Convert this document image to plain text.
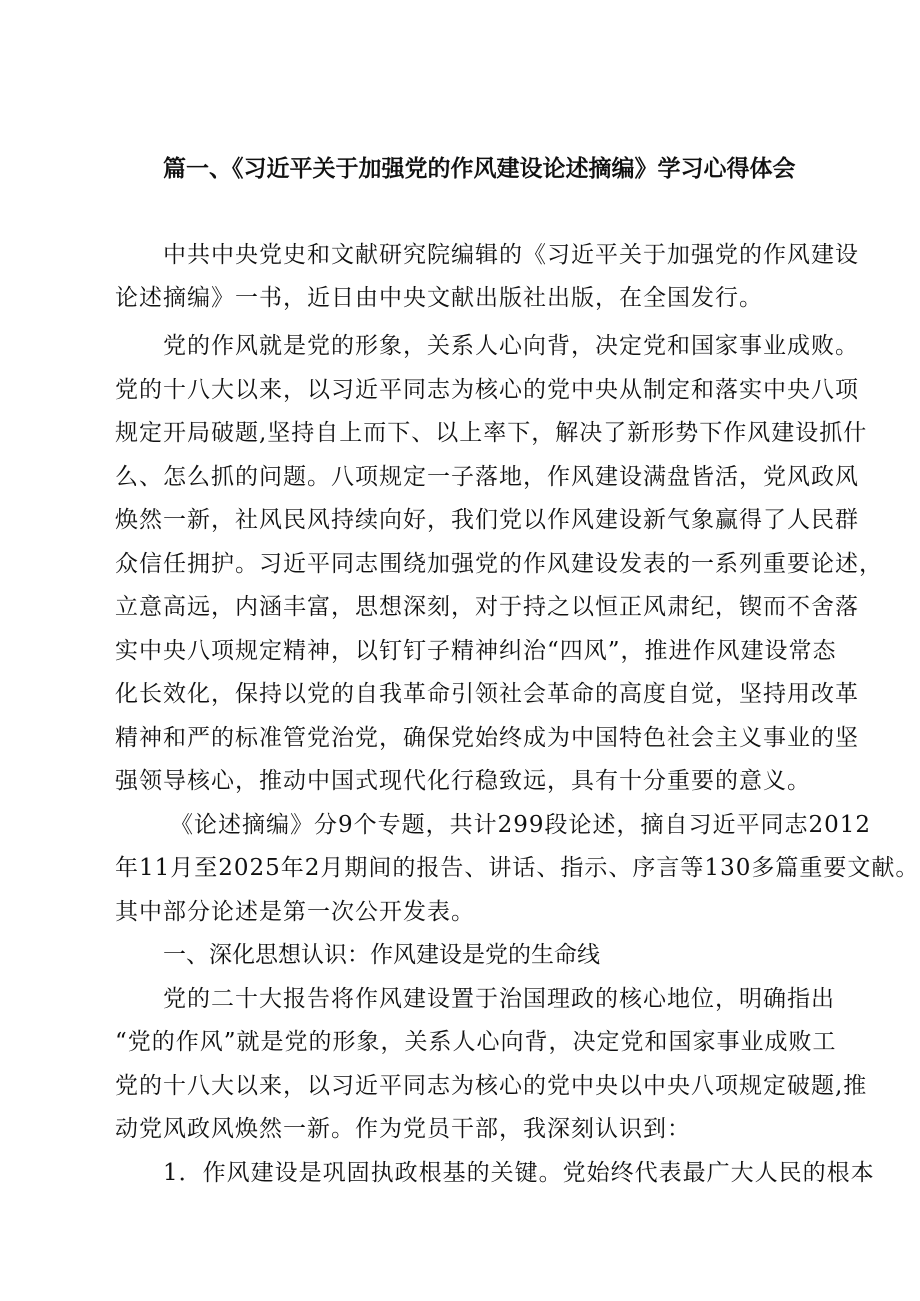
篇一、《习近平关于加强党的作风建设论述摘编》学习心得体会
中共中央党史和文献研究院编辑的《习近平关于加强党的作风建设
论述摘编》一书，近日由中央文献出版社出版，在全国发行。
党的作风就是党的形象，关系人心向背，决定党和国家事业成败。
党的十八大以来，以习近平同志为核心的党中央从制定和落实中央八项
规定开局破题,坚持自上而下、以上率下，解决了新形势下作风建设抓什
么、怎么抓的问题。八项规定一子落地，作风建设满盘皆活，党风政风
焕然一新，社风民风持续向好，我们党以作风建设新气象赢得了人民群
众信任拥护。习近平同志围绕加强党的作风建设发表的一系列重要论述，
立意高远，内涵丰富，思想深刻，对于持之以恒正风肃纪，锲而不舍落
实中央八项规定精神，以钉钉子精神纠治“四风”，推进作风建设常态
化长效化，保持以党的自我革命引领社会革命的高度自觉，坚持用改革
精神和严的标准管党治党，确保党始终成为中国特色社会主义事业的坚
强领导核心，推动中国式现代化行稳致远，具有十分重要的意义。
《论述摘编》分9个专题，共计299段论述，摘自习近平同志2012
年11月至2025年2月期间的报告、讲话、指示、序言等130多篇重要文献。
其中部分论述是第一次公开发表。
一、深化思想认识：作风建设是党的生命线
党的二十大报告将作风建设置于治国理政的核心地位，明确指出
“党的作风”就是党的形象，关系人心向背，决定党和国家事业成败工
党的十八大以来，以习近平同志为核心的党中央以中央八项规定破题,推
动党风政风焕然一新。作为党员干部，我深刻认识到：
1．作风建设是巩固执政根基的关键。党始终代表最广大人民的根本
